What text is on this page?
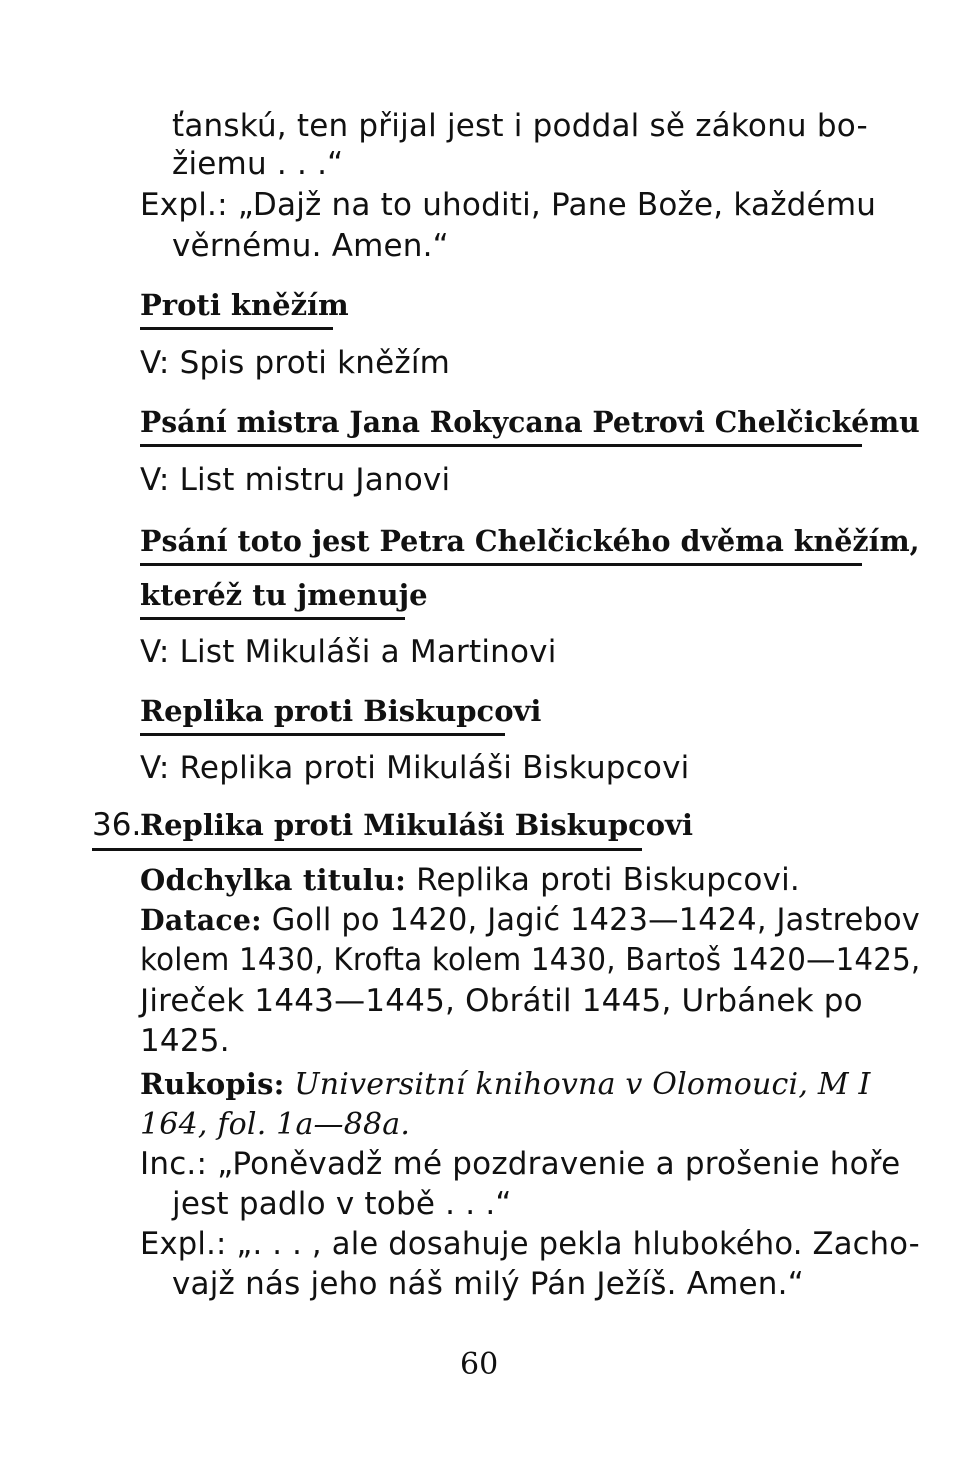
ťanskú, ten přijal jest i poddal sě zákonu bo-
žiemu . . .“
Expl.: „Dajž na to uhoditi, Pane Bože, každému
věrnému. Amen.“
Proti kněžím
V: Spis proti kněžím
Psání mistra Jana Rokycana Petrovi Chelčickému
V: List mistru Janovi
Psání toto jest Petra Chelčického dvěma kněžím,
kteréž tu jmenuje
V: List Mikuláši a Martinovi
Replika proti Biskupcovi
V: Replika proti Mikuláši Biskupcovi
36.
Replika proti Mikuláši Biskupcovi
Odchylka titulu: Replika proti Biskupcovi.
Datace: Goll po 1420, Jagić 1423—1424, Jastrebov
kolem 1430, Krofta kolem 1430, Bartoš 1420—1425,
Jireček 1443—1445, Obrátil 1445, Urbánek po
1425.
Rukopis: Universitní knihovna v Olomouci, M I
164, fol. 1a—88a.
Inc.: „Poněvadž mé pozdravenie a prošenie hoře
jest padlo v tobě . . .“
Expl.: „. . . , ale dosahuje pekla hlubokého. Zacho-
vajž nás jeho náš milý Pán Ježíš. Amen.“
60
